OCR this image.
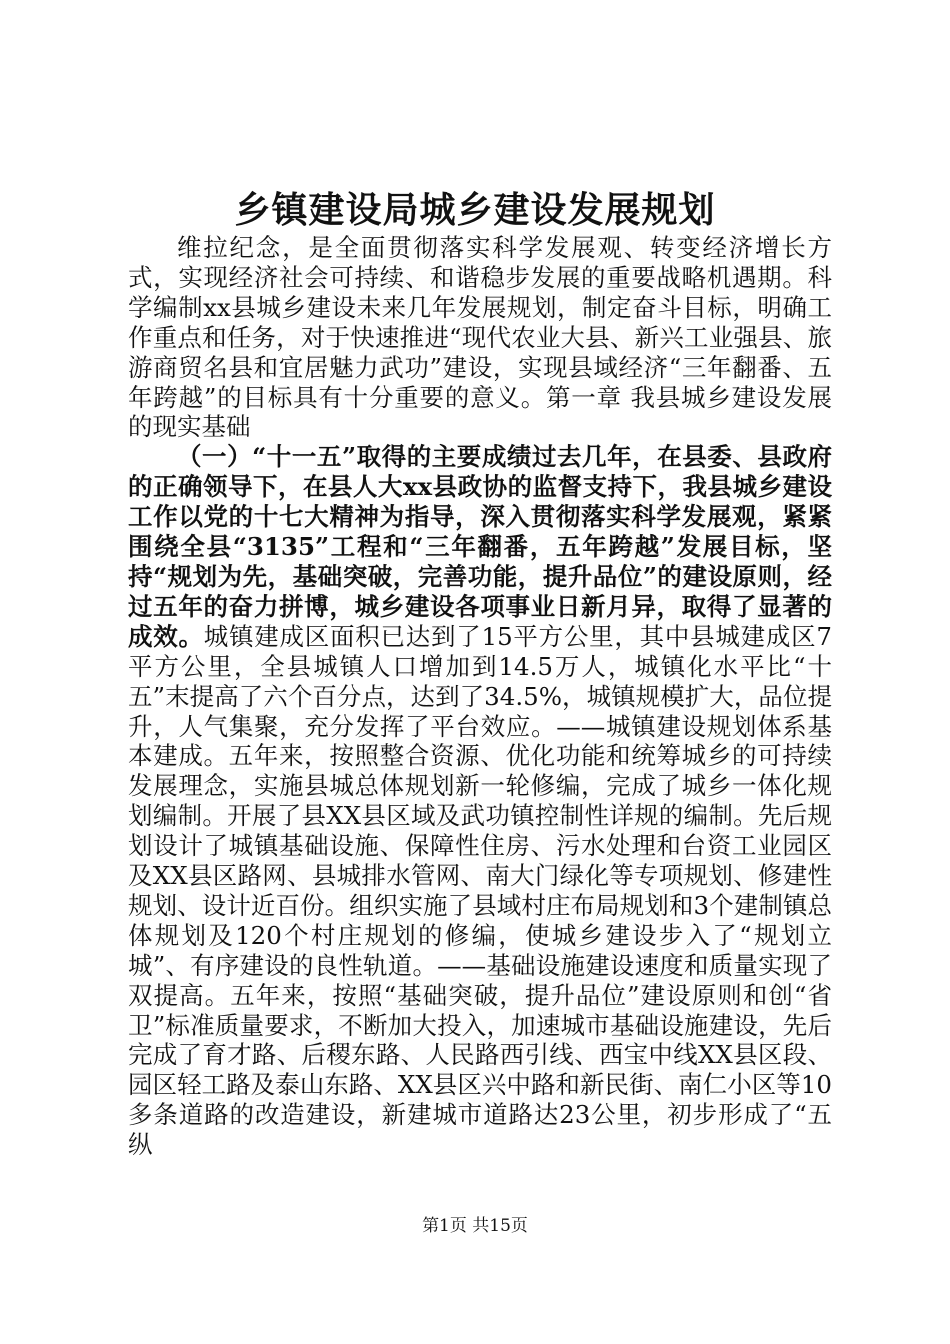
乡镇建设局城乡建设发展规划

维拉纪念，是全面贯彻落实科学发展观、转变经济增长方式，实现经济社会可持续、和谐稳步发展的重要战略机遇期。科学编制xx县城乡建设未来几年发展规划，制定奋斗目标，明确工作重点和任务，对于快速推进“现代农业大县、新兴工业强县、旅游商贸名县和宜居魅力武功”建设，实现县域经济“三年翻番、五年跨越”的目标具有十分重要的意义。第一章 我县城乡建设发展的现实基础

（一）“十一五”取得的主要成绩过去几年，在县委、县政府的正确领导下，在县人大xx县政协的监督支持下，我县城乡建设工作以党的十七大精神为指导，深入贯彻落实科学发展观，紧紧围绕全县“3135”工程和“三年翻番，五年跨越”发展目标，坚持“规划为先，基础突破，完善功能，提升品位”的建设原则，经过五年的奋力拼博，城乡建设各项事业日新月异，取得了显著的成效。城镇建成区面积已达到了15平方公里，其中县城建成区7平方公里，全县城镇人口增加到14.5万人，城镇化水平比“十五”末提高了六个百分点，达到了34.5%，城镇规模扩大，品位提升，人气集聚，充分发挥了平台效应。——城镇建设规划体系基本建成。五年来，按照整合资源、优化功能和统筹城乡的可持续发展理念，实施县城总体规划新一轮修编，完成了城乡一体化规划编制。开展了县XX县区域及武功镇控制性详规的编制。先后规划设计了城镇基础设施、保障性住房、污水处理和台资工业园区及XX县区路网、县城排水管网、南大门绿化等专项规划、修建性规划、设计近百份。组织实施了县域村庄布局规划和3个建制镇总体规划及120个村庄规划的修编，使城乡建设步入了“规划立城”、有序建设的良性轨道。——基础设施建设速度和质量实现了双提高。五年来，按照“基础突破，提升品位”建设原则和创“省卫”标准质量要求，不断加大投入，加速城市基础设施建设，先后完成了育才路、后稷东路、人民路西引线、西宝中线XX县区段、园区轻工路及泰山东路、XX县区兴中路和新民街、南仁小区等10多条道路的改造建设，新建城市道路达23公里，初步形成了“五纵

第1页 共15页
